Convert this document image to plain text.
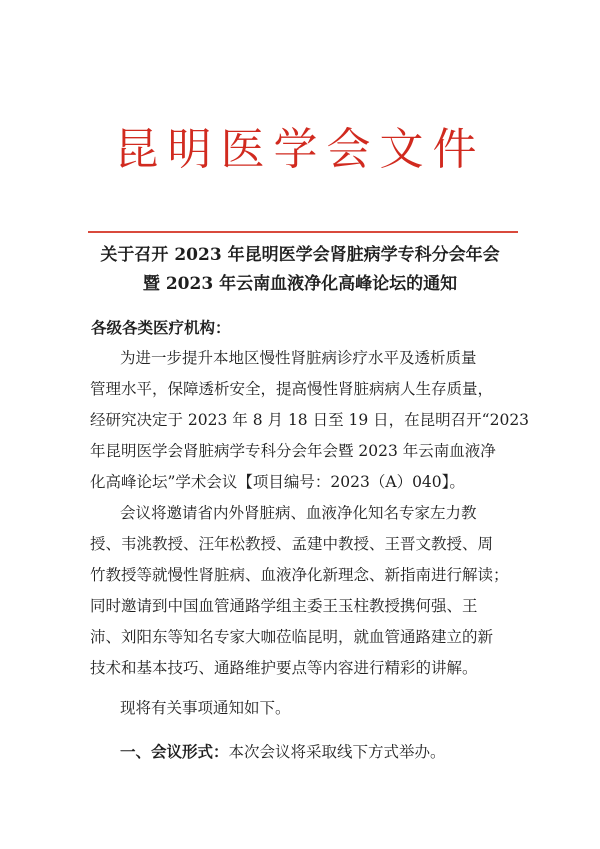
昆明医学会文件
关于召开 2023 年昆明医学会肾脏病学专科分会年会
暨 2023 年云南血液净化高峰论坛的通知
各级各类医疗机构：
为进一步提升本地区慢性肾脏病诊疗水平及透析质量
管理水平，保障透析安全，提高慢性肾脏病病人生存质量，
经研究决定于 2023 年 8 月 18 日至 19 日，在昆明召开“2023
年昆明医学会肾脏病学专科分会年会暨 2023 年云南血液净
化高峰论坛”学术会议【项目编号：2023（A）040】。
会议将邀请省内外肾脏病、血液净化知名专家左力教
授、韦洮教授、汪年松教授、孟建中教授、王晋文教授、周
竹教授等就慢性肾脏病、血液净化新理念、新指南进行解读；
同时邀请到中国血管通路学组主委王玉柱教授携何强、王
沛、刘阳东等知名专家大咖莅临昆明，就血管通路建立的新
技术和基本技巧、通路维护要点等内容进行精彩的讲解。
现将有关事项通知如下。
一、会议形式：本次会议将采取线下方式举办。
